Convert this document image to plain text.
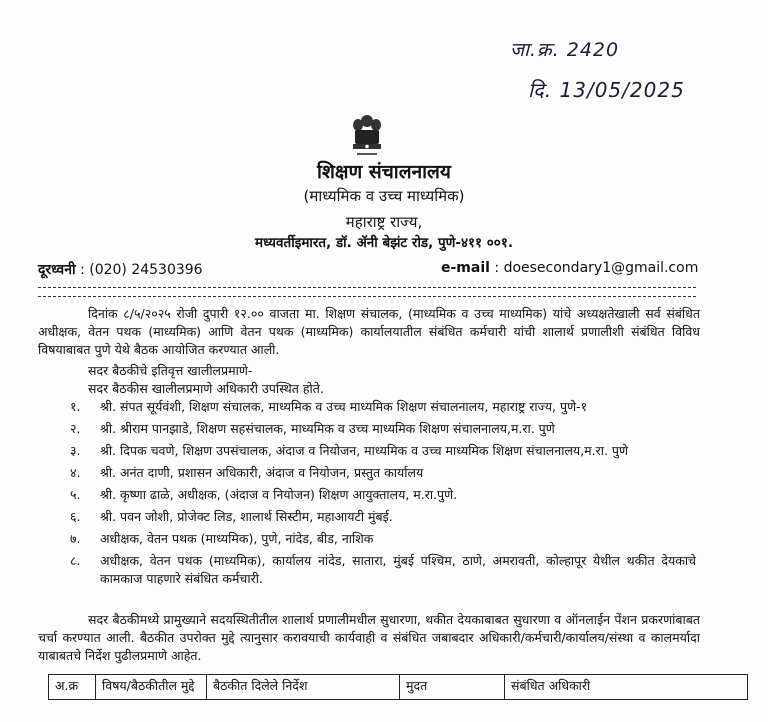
जा.क्र. 2420
दि. 13/05/2025
शिक्षण संचालनालय
(माध्यमिक व उच्च माध्यमिक)
महाराष्ट्र राज्य,
मध्यवर्तीइमारत, डॉ. ॲनी बेझंट रोड, पुणे-४११ ००१.
दूरध्वनी : (020) 24530396	e-mail : doesecondary1@gmail.com
दिनांक ८/५/२०२५ रोजी दुपारी १२.०० वाजता मा. शिक्षण संचालक, (माध्यमिक व उच्च माध्यमिक) यांचे अध्यक्षतेखाली सर्व संबंधित अधीक्षक, वेतन पथक (माध्यमिक) आणि वेतन पथक (माध्यमिक) कार्यालयातील संबंधित कर्मचारी यांची शालार्थ प्रणालीशी संबंधित विविध विषयाबाबत पुणे येथे बैठक आयोजित करण्यात आली.
सदर बैठकीचे इतिवृत्त खालीलप्रमाणे-
सदर बैठकीस खालीलप्रमाणे अधिकारी उपस्थित होते.
१.	श्री. संपत सूर्यवंशी, शिक्षण संचालक, माध्यमिक व उच्च माध्यमिक शिक्षण संचालनालय, महाराष्ट्र राज्य, पुणे-१
२.	श्री. श्रीराम पानझाडे, शिक्षण सहसंचालक, माध्यमिक व उच्च माध्यमिक शिक्षण संचालनालय,म.रा. पुणे
३.	श्री. दिपक चवणे, शिक्षण उपसंचालक, अंदाज व नियोजन, माध्यमिक व उच्च माध्यमिक शिक्षण संचालनालय,म.रा. पुणे
४.	श्री. अनंत दाणी, प्रशासन अधिकारी, अंदाज व नियोजन, प्रस्तुत कार्यालय
५.	श्री. कृष्णा ढाळे, अधीक्षक, (अंदाज व नियोजन) शिक्षण आयुक्तालय, म.रा.पुणे.
६.	श्री. पवन जोशी, प्रोजेक्ट लिड, शालार्थ सिस्टीम, महाआयटी मुंबई.
७.	अधीक्षक, वेतन पथक (माध्यमिक), पुणे, नांदेड, बीड, नाशिक
८.	अधीक्षक, वेतन पथक (माध्यमिक), कार्यालय नांदेड, सातारा, मुंबई पश्चिम, ठाणे, अमरावती, कोल्हापूर येथील थकीत देयकाचे कामकाज पाहणारे संबंधित कर्मचारी.
सदर बैठकीमध्ये प्रामुख्याने सदयस्थितीतील शालार्थ प्रणालीमधील सुधारणा, थकीत देयकाबाबत सुधारणा व ऑनलाईन पेंशन प्रकरणांबाबत चर्चा करण्यात आली. बैठकीत उपरोक्त मुद्दे त्यानुसार करावयाची कार्यवाही व संबंधित जबाबदार अधिकारी/कर्मचारी/कार्यालय/संस्था व कालमर्यादा याबाबतचे निर्देश पुढीलप्रमाणे आहेत.
अ.क्र	विषय/बैठकीतील मुद्दे	बैठकीत दिलेले निर्देश	मुदत	संबंधित अधिकारी
